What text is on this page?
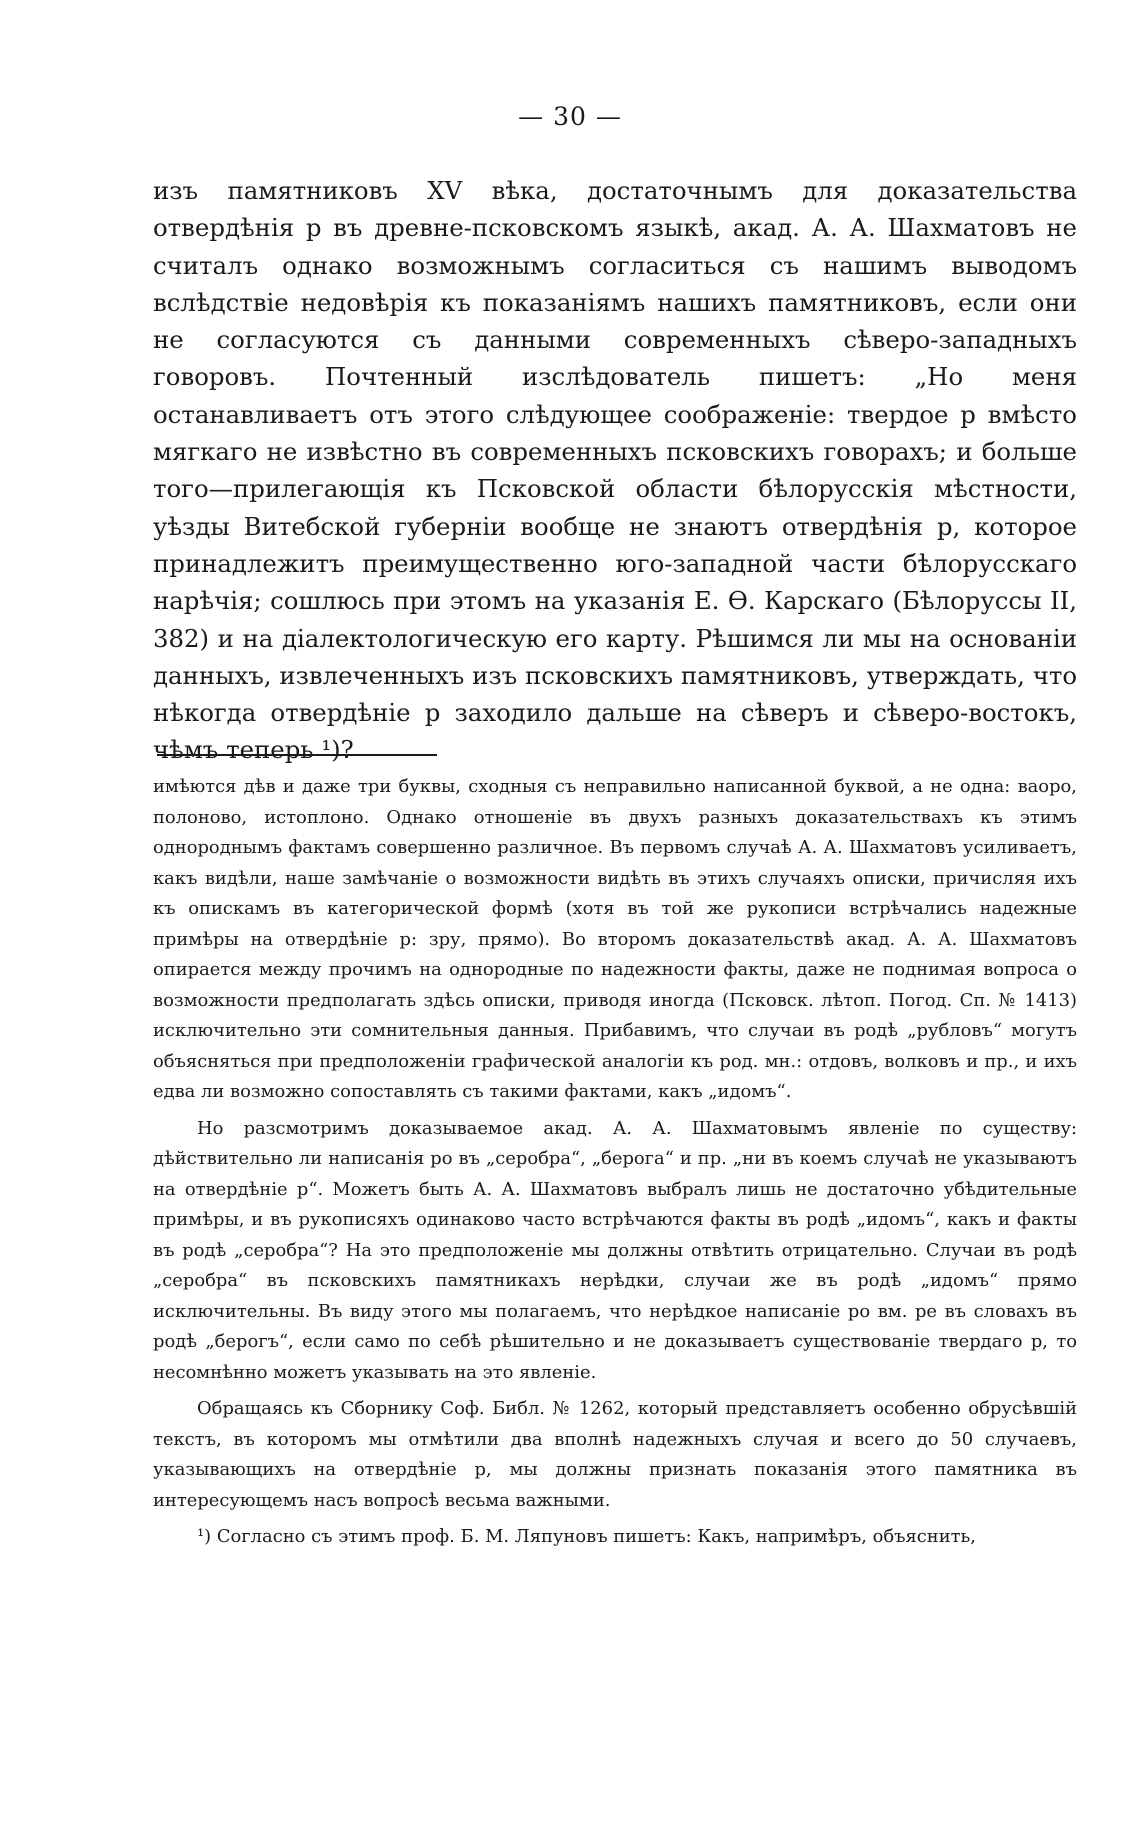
— 30 —

изъ памятниковъ XV вѣка, достаточнымъ для доказательства отвердѣнія р въ древне-псковскомъ языкѣ, акад. А. А. Шахматовъ не считалъ однако возможнымъ согласиться съ нашимъ выводомъ вслѣдствіе недовѣрія къ показаніямъ нашихъ памятниковъ, если они не согласуются съ данными современныхъ сѣверо-западныхъ говоровъ. Почтенный изслѣдователь пишетъ: „Но меня останавливаетъ отъ этого слѣдующее соображеніе: твердое р вмѣсто мягкаго не извѣстно въ современныхъ псковскихъ говорахъ; и больше того—прилегающія къ Псковской области бѣлорусскія мѣстности, уѣзды Витебской губерніи вообще не знаютъ отвердѣнія р, которое принадлежитъ преимущественно юго-западной части бѣлорусскаго нарѣчія; сошлюсь при этомъ на указанія Е. Ѳ. Карскаго (Бѣлоруссы II, 382) и на діалектологическую его карту. Рѣшимся ли мы на основаніи данныхъ, извлеченныхъ изъ псковскихъ памятниковъ, утверждать, что нѣкогда отвердѣніе р заходило дальше на сѣверъ и сѣверо-востокъ, чѣмъ теперь ¹)?

имѣются дѣв и даже три буквы, сходныя съ неправильно написанной буквой, а не одна: ваоро, полоново, истоплоно. Однако отношеніе въ двухъ разныхъ доказательствахъ къ этимъ однороднымъ фактамъ совершенно различное. Въ первомъ случаѣ А. А. Шахматовъ усиливаетъ, какъ видѣли, наше замѣчаніе о возможности видѣть въ этихъ случаяхъ описки, причисляя ихъ къ опискамъ въ категорической формѣ (хотя въ той же рукописи встрѣчались надежные примѣры на отвердѣніе р: зру, прямо). Во второмъ доказательствѣ акад. А. А. Шахматовъ опирается между прочимъ на однородные по надежности факты, даже не поднимая вопроса о возможности предполагать здѣсь описки, приводя иногда (Псковск. лѣтоп. Погод. Сп. № 1413) исключительно эти сомнительныя данныя. Прибавимъ, что случаи въ родѣ „рубловъ“ могутъ объясняться при предположеніи графической аналогіи къ род. мн.: отдовъ, волковъ и пр., и ихъ едва ли возможно сопоставлять съ такими фактами, какъ „идомъ“.

Но разсмотримъ доказываемое акад. А. А. Шахматовымъ явленіе по существу: дѣйствительно ли написанія ро въ „серобра“, „берога“ и пр. „ни въ коемъ случаѣ не указываютъ на отвердѣніе р“. Можетъ быть А. А. Шахматовъ выбралъ лишь не достаточно убѣдительные примѣры, и въ рукописяхъ одинаково часто встрѣчаются факты въ родѣ „идомъ“, какъ и факты въ родѣ „серобра“? На это предположеніе мы должны отвѣтить отрицательно. Случаи въ родѣ „серобра“ въ псковскихъ памятникахъ нерѣдки, случаи же въ родѣ „идомъ“ прямо исключительны. Въ виду этого мы полагаемъ, что нерѣдкое написаніе ро вм. ре въ словахъ въ родѣ „берогъ“, если само по себѣ рѣшительно и не доказываетъ существованіе твердаго р, то несомнѣнно можетъ указывать на это явленіе.

Обращаясь къ Сборнику Соф. Библ. № 1262, который представляетъ особенно обрусѣвшій текстъ, въ которомъ мы отмѣтили два вполнѣ надежныхъ случая и всего до 50 случаевъ, указывающихъ на отвердѣніе р, мы должны признать показанія этого памятника въ интересующемъ насъ вопросѣ весьма важными.

¹) Согласно съ этимъ проф. Б. М. Ляпуновъ пишетъ: Какъ, напримѣръ, объяснить,
